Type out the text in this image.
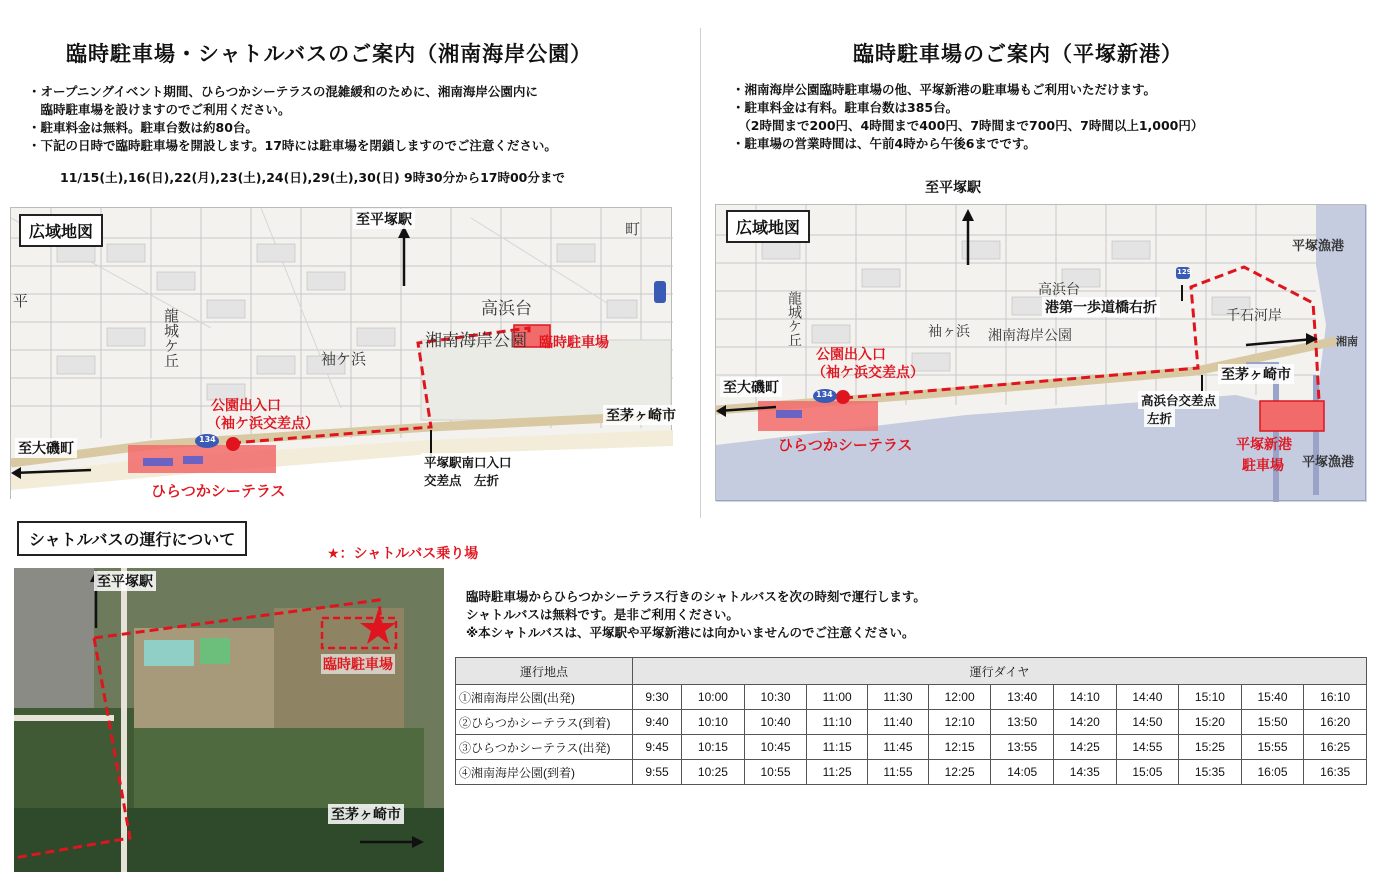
臨時駐車場・シャトルバスのご案内（湘南海岸公園）
・オープニングイベント期間、ひらつかシーテラスの混雑緩和のために、湘南海岸公園内に
　臨時駐車場を設けますのでご利用ください。
・駐車料金は無料。駐車台数は約80台。
・下記の日時で臨時駐車場を開設します。17時には駐車場を閉鎖しますのでご注意ください。
11/15(土),16(日),22(月),23(土),24(日),29(土),30(日) 9時30分から17時00分まで
臨時駐車場のご案内（平塚新港）
・湘南海岸公園臨時駐車場の他、平塚新港の駐車場もご利用いただけます。
・駐車料金は有料。駐車台数は385台。
　（2時間まで200円、4時間まで400円、7時間まで700円、7時間以上1,000円）
・駐車場の営業時間は、午前4時から午後6までです。
広域地図
至平塚駅
至大磯町
至茅ヶ崎市
湘南海岸公園 臨時駐車場
公園出入口
（袖ケ浜交差点）
ひらつかシーテラス
平塚駅南口入口
交差点　左折
高浜台
袖ケ浜
龍城ケ丘
平
町
134
広域地図
至平塚駅
至大磯町
至茅ヶ崎市
公園出入口
（袖ケ浜交差点）
ひらつかシーテラス
港第一歩道橋右折
高浜台交差点
左折
平塚新港
駐車場
千石河岸
湘南海岸公園
高浜台
袖ヶ浜
龍城ケ丘
平塚漁港
平塚漁港
湘南
134
129
シャトルバスの運行について
★：シャトルバス乗り場
至平塚駅
至茅ヶ崎市
臨時駐車場
臨時駐車場からひらつかシーテラス行きのシャトルバスを次の時刻で運行します。
シャトルバスは無料です。是非ご利用ください。
※本シャトルバスは、平塚駅や平塚新港には向かいませんのでご注意ください。
運行地点	運行ダイヤ											
①湘南海岸公園(出発)	9:30	10:00	10:30	11:00	11:30	12:00	13:40	14:10	14:40	15:10	15:40	16:10
②ひらつかシーテラス(到着)	9:40	10:10	10:40	11:10	11:40	12:10	13:50	14:20	14:50	15:20	15:50	16:20
③ひらつかシーテラス(出発)	9:45	10:15	10:45	11:15	11:45	12:15	13:55	14:25	14:55	15:25	15:55	16:25
④湘南海岸公園(到着)	9:55	10:25	10:55	11:25	11:55	12:25	14:05	14:35	15:05	15:35	16:05	16:35
